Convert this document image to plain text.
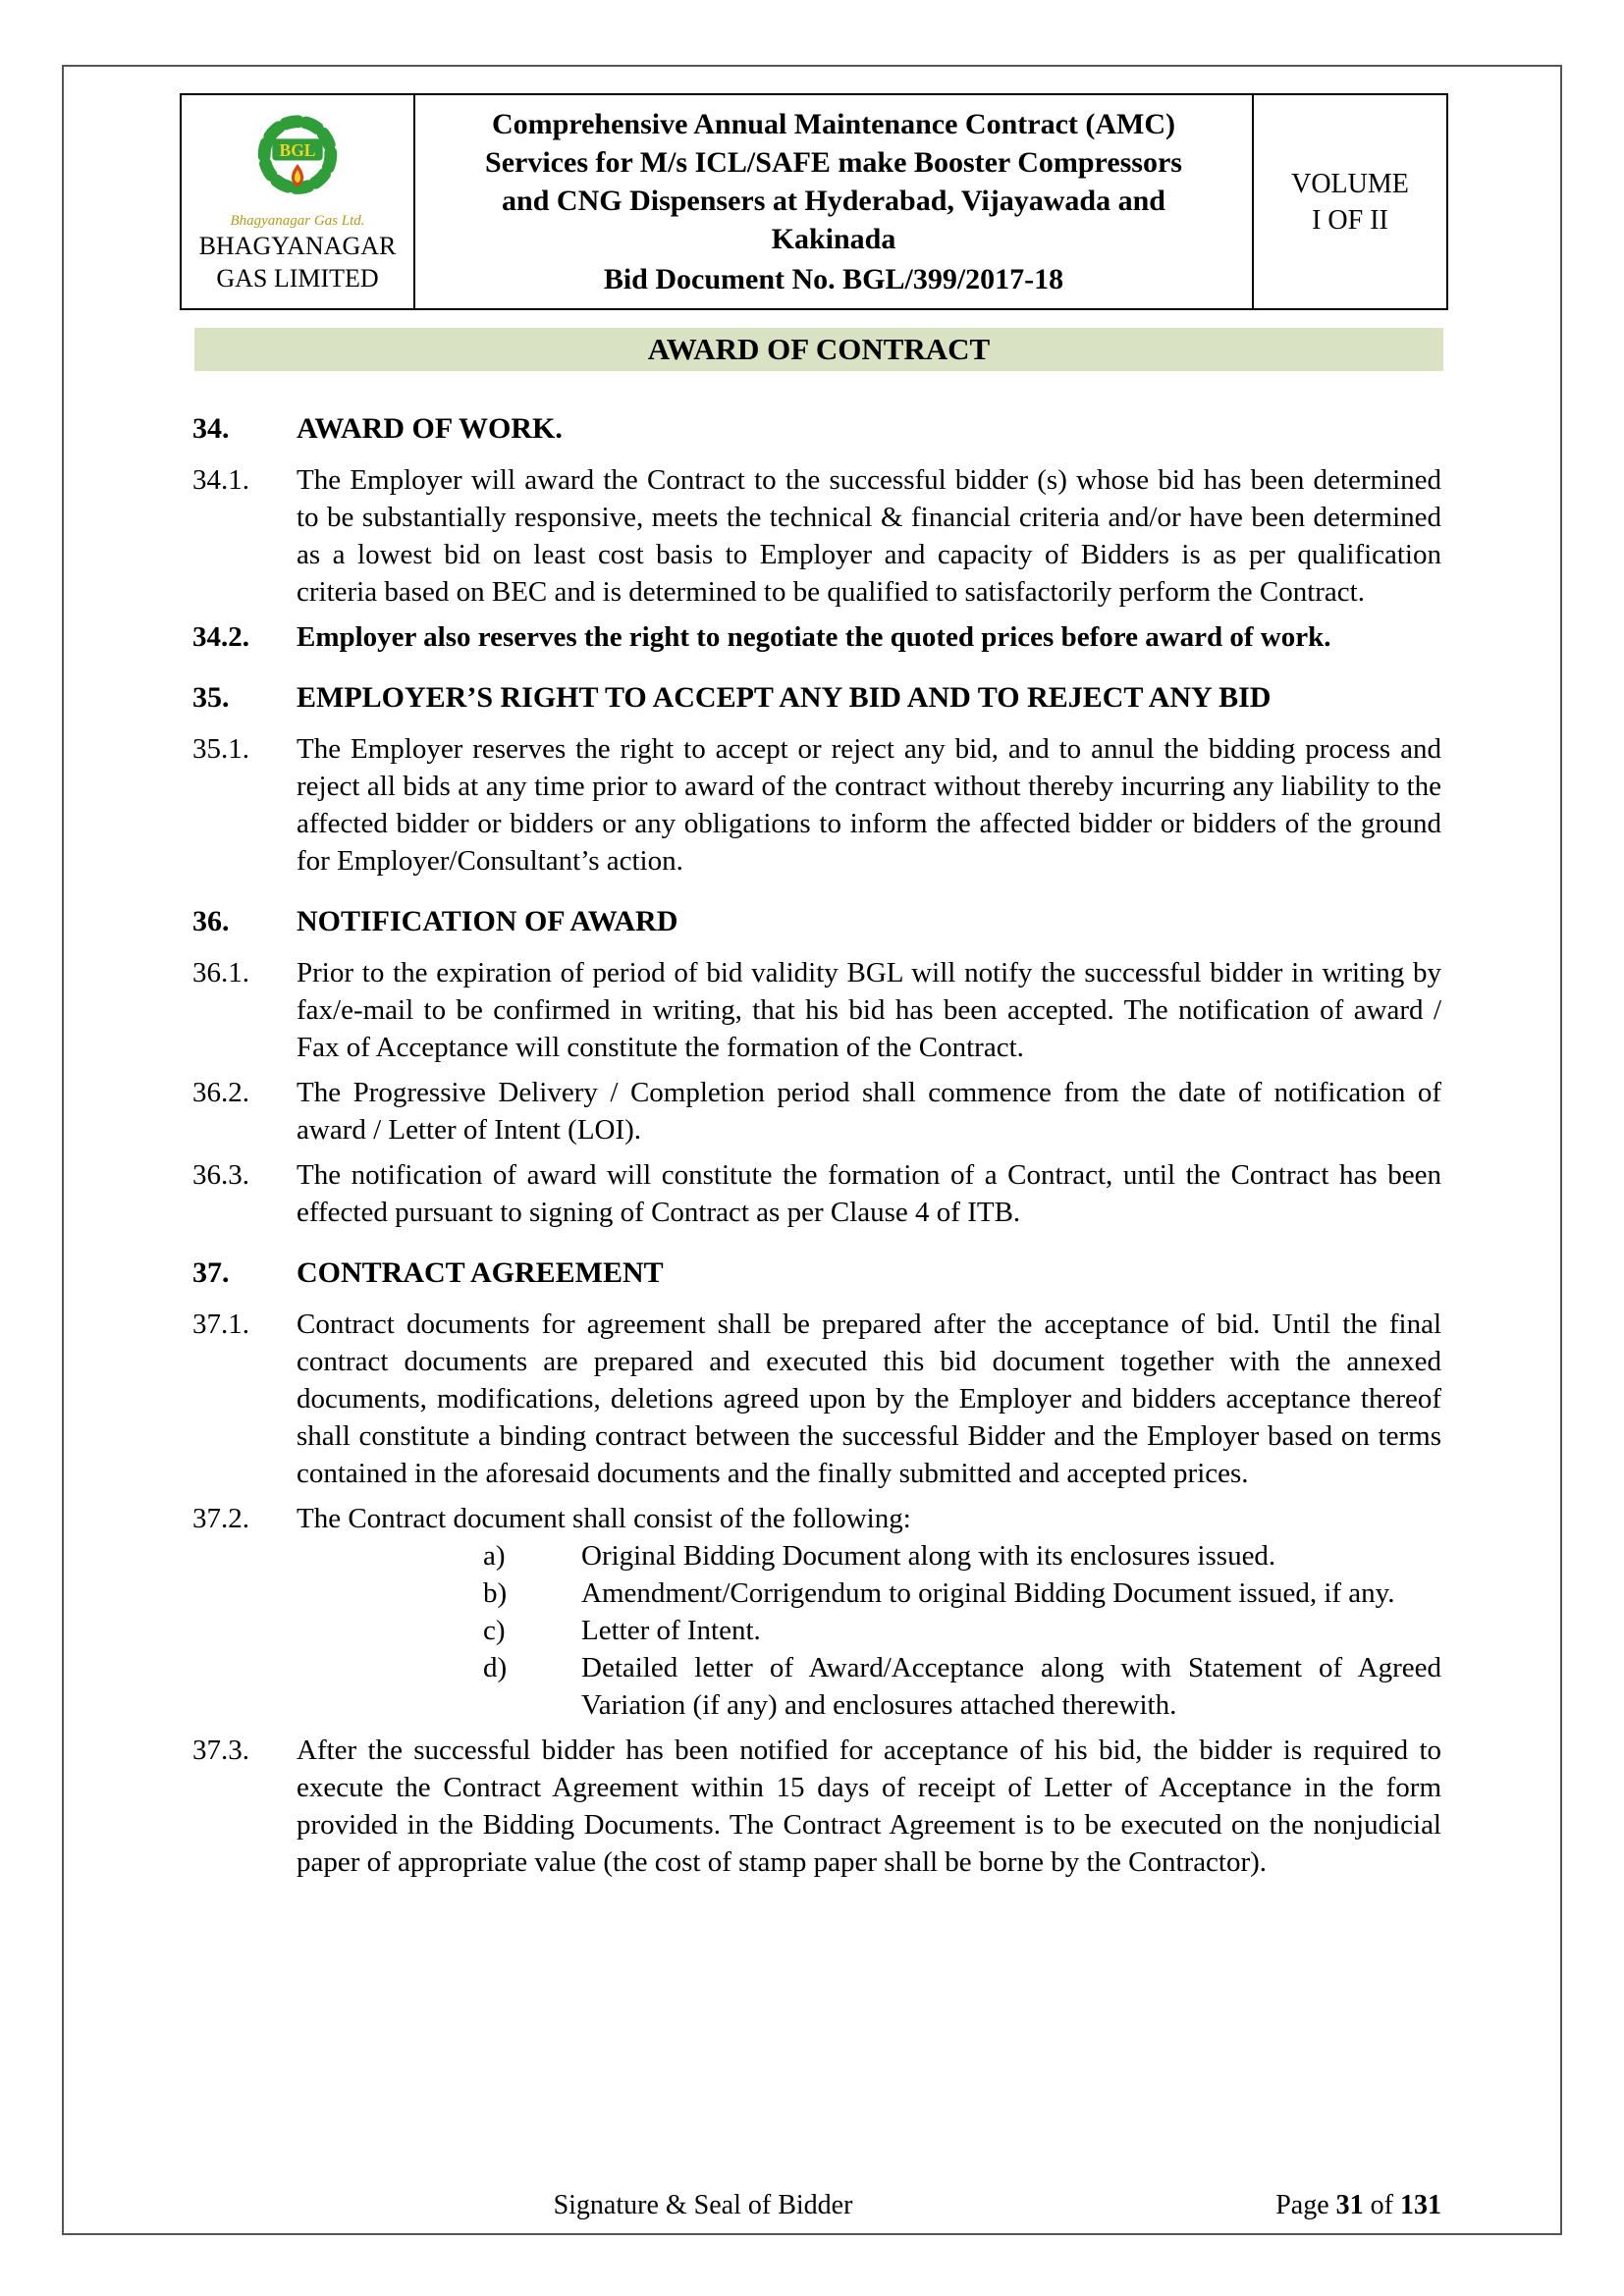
BGL
Bhagyanagar Gas Ltd.
BHAGYANAGAR
GAS LIMITED
Comprehensive Annual Maintenance Contract (AMC)
Services for M/s ICL/SAFE make Booster Compressors
and CNG Dispensers at Hyderabad, Vijayawada and
Kakinada
Bid Document No. BGL/399/2017-18
VOLUME
I OF II
AWARD OF CONTRACT
34.	AWARD OF WORK.
34.1.	The Employer will award the Contract to the successful bidder (s) whose bid has been determined to be substantially responsive, meets the technical & financial criteria and/or have been determined as a lowest bid on least cost basis to Employer and capacity of Bidders is as per qualification criteria based on BEC and is determined to be qualified to satisfactorily perform the Contract.
34.2.	Employer also reserves the right to negotiate the quoted prices before award of work.
35.	EMPLOYER’S RIGHT TO ACCEPT ANY BID AND TO REJECT ANY BID
35.1.	The Employer reserves the right to accept or reject any bid, and to annul the bidding process and reject all bids at any time prior to award of the contract without thereby incurring any liability to the affected bidder or bidders or any obligations to inform the affected bidder or bidders of the ground for Employer/Consultant’s action.
36.	NOTIFICATION OF AWARD
36.1.	Prior to the expiration of period of bid validity BGL will notify the successful bidder in writing by fax/e-mail to be confirmed in writing, that his bid has been accepted. The notification of award / Fax of Acceptance will constitute the formation of the Contract.
36.2.	The Progressive Delivery / Completion period shall commence from the date of notification of award / Letter of Intent (LOI).
36.3.	The notification of award will constitute the formation of a Contract, until the Contract has been effected pursuant to signing of Contract as per Clause 4 of ITB.
37.	CONTRACT AGREEMENT
37.1.	Contract documents for agreement shall be prepared after the acceptance of bid. Until the final contract documents are prepared and executed this bid document together with the annexed documents, modifications, deletions agreed upon by the Employer and bidders acceptance thereof shall constitute a binding contract between the successful Bidder and the Employer based on terms contained in the aforesaid documents and the finally submitted and accepted prices.
37.2.	The Contract document shall consist of the following:
a)	Original Bidding Document along with its enclosures issued.
b)	Amendment/Corrigendum to original Bidding Document issued, if any.
c)	Letter of Intent.
d)	Detailed letter of Award/Acceptance along with Statement of Agreed Variation (if any) and enclosures attached therewith.
37.3.	After the successful bidder has been notified for acceptance of his bid, the bidder is required to execute the Contract Agreement within 15 days of receipt of Letter of Acceptance in the form provided in the Bidding Documents. The Contract Agreement is to be executed on the nonjudicial paper of appropriate value (the cost of stamp paper shall be borne by the Contractor).
Signature & Seal of Bidder	Page 31 of 131
